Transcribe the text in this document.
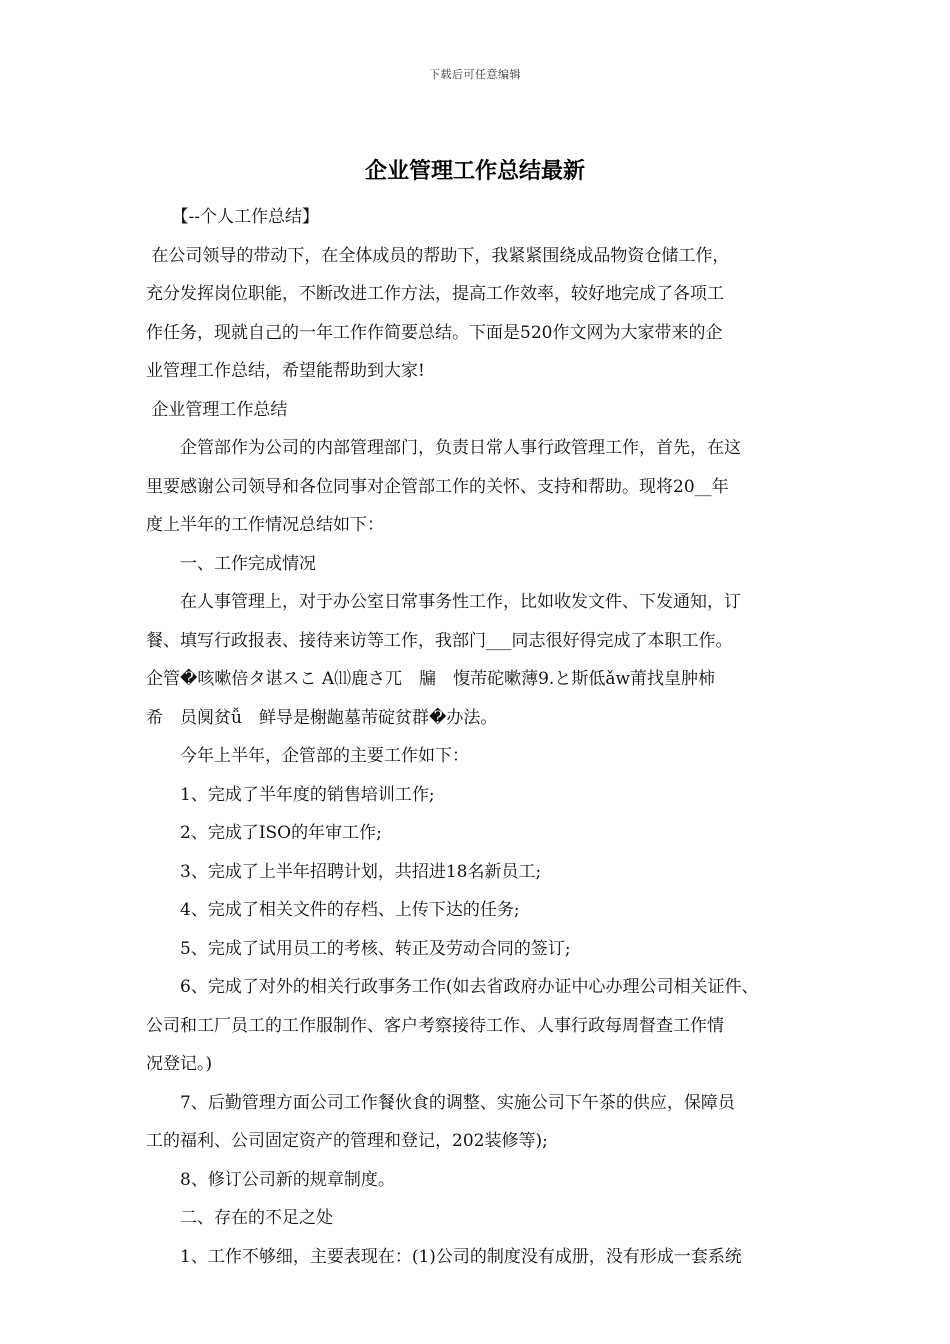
下载后可任意编辑
企业管理工作总结最新

　　【--个人工作总结】

在公司领导的带动下，在全体成员的帮助下，我紧紧围绕成品物资仓储工作，

充分发挥岗位职能，不断改进工作方法，提高工作效率，较好地完成了各项工

作任务，现就自己的一年工作作简要总结。下面是520作文网为大家带来的企

业管理工作总结，希望能帮助到大家!

企业管理工作总结

　　企管部作为公司的内部管理部门，负责日常人事行政管理工作，首先，在这

里要感谢公司领导和各位同事对企管部工作的关怀、支持和帮助。现将20__年

度上半年的工作情况总结如下：

　　一、工作完成情况

　　在人事管理上，对于办公室日常事务性工作，比如收发文件、下发通知，订

餐、填写行政报表、接待来访等工作，我部门___同志很好得完成了本职工作。

企管�咳嗽倍タ谌スこ A⑾鹿さ兀　牖　愎芾砣嗽薄9.と斯低ǎw莆找皇肿柿

希　员阒贫ǚ　鲜导是榭龅墓芾碇贫群�办法。

　　今年上半年，企管部的主要工作如下：

　　1、完成了半年度的销售培训工作;

　　2、完成了ISO的年审工作;

　　3、完成了上半年招聘计划，共招进18名新员工;

　　4、完成了相关文件的存档、上传下达的任务;

　　5、完成了试用员工的考核、转正及劳动合同的签订;

　　6、完成了对外的相关行政事务工作(如去省政府办证中心办理公司相关证件、

公司和工厂员工的工作服制作、客户考察接待工作、人事行政每周督查工作情

况登记。)

　　7、后勤管理方面公司工作餐伙食的调整、实施公司下午茶的供应，保障员

工的福利、公司固定资产的管理和登记，202装修等);

　　8、修订公司新的规章制度。

　　二、存在的不足之处

　　1、工作不够细，主要表现在：(1)公司的制度没有成册，没有形成一套系统
